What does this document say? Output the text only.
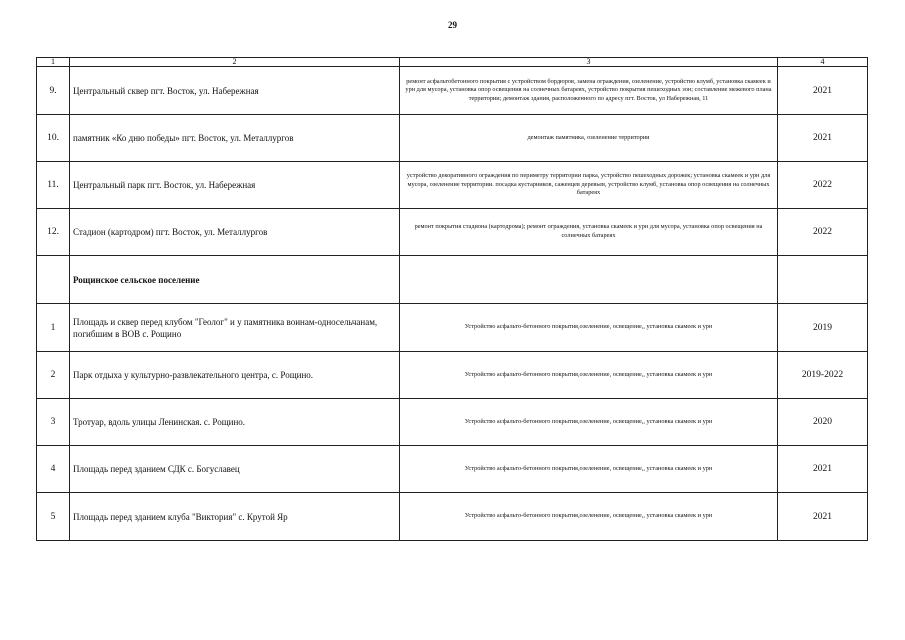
29
1	2	3	4
9.	Центральный сквер пгт. Восток, ул. Набережная	ремонт асфальтобетонного покрытия с устройством бордюров, замена ограждения, озеленение, устройство клумб, установка скамеек и урн для мусора, установка опор освещения на солнечных батареях, устройство покрытия пешеходных зон; составление межевого плана территории; демонтаж здания, расположенного по адресу пгт. Восток, ул Набережная, 11	2021
10.	памятник «Ко дню победы» пгт. Восток, ул. Металлургов	демонтаж памятника, озеленение территории	2021
11.	Центральный парк пгт. Восток, ул. Набережная	устройство декоративного ограждения по периметру территории парка, устройство пешеходных дорожек; установка скамеек и урн для мусора, озеленение территории. посадка кустарников, саженцев деревьев, устройство клумб, установка опор освещения на солнечных батареях	2022
12.	Стадион (картодром) пгт. Восток, ул. Металлургов	ремонт покрытия стадиона (картодрома); ремонт ограждения, установка скамеек и урн для мусора, установка опор освещения на солнечных батареях	2022
	Рощинское сельское поселение		
1	Площадь и сквер перед клубом "Геолог" и у памятника воинам-односельчанам, погибшим в ВОВ с. Рощино	Устройство асфальто-бетонного покрытия,озеленение, освещение,, установка скамеек и урн	2019
2	Парк отдыха у культурно-развлекательного центра, с. Рощино.	Устройство асфальто-бетонного покрытия,озеленение, освещение,, установка скамеек и урн	2019-2022
3	Тротуар, вдоль улицы Ленинская. с. Рощино.	Устройство асфальто-бетонного покрытия,озеленение, освещение,, установка скамеек и урн	2020
4	Площадь перед зданием СДК с. Богуславец	Устройство асфальто-бетонного покрытия,озеленение, освещение,, установка скамеек и урн	2021
5	Площадь перед зданием клуба "Виктория" с. Крутой Яр	Устройство асфальто-бетонного покрытия,озеленение, освещение,, установка скамеек и урн	2021
